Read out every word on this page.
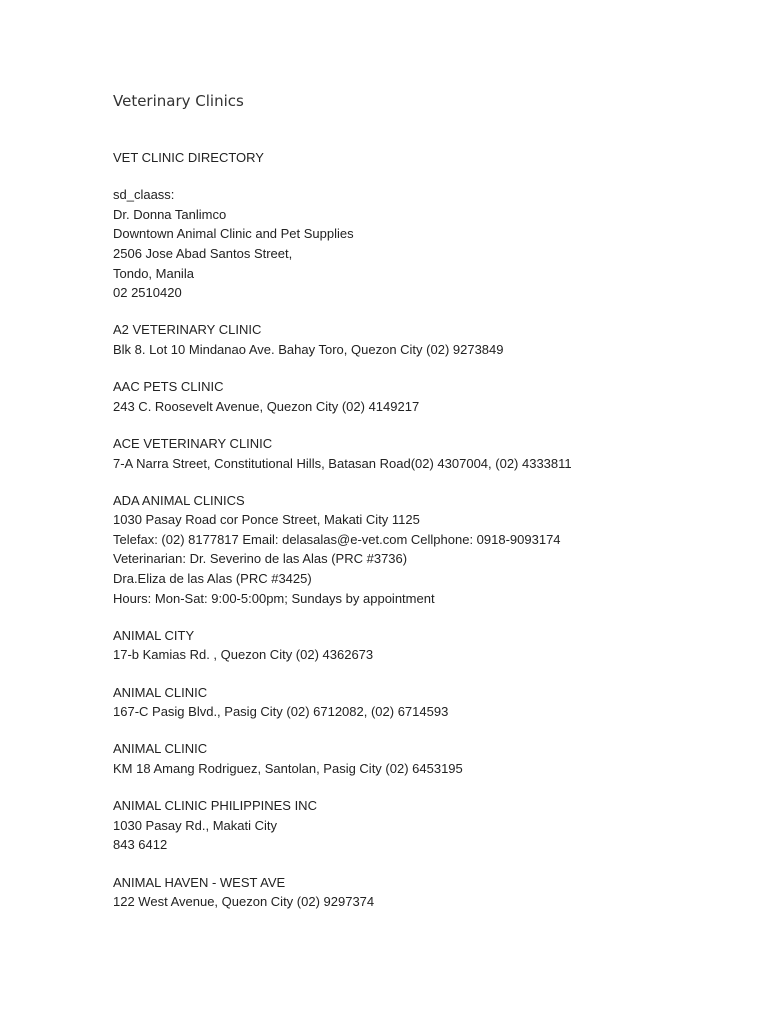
Veterinary Clinics
VET CLINIC DIRECTORY
sd_claass:
Dr. Donna Tanlimco
Downtown Animal Clinic and Pet Supplies
2506 Jose Abad Santos Street,
Tondo, Manila
02 2510420
A2 VETERINARY CLINIC
Blk 8. Lot 10 Mindanao Ave. Bahay Toro, Quezon City (02) 9273849
AAC PETS CLINIC
243 C. Roosevelt Avenue, Quezon City (02) 4149217
ACE VETERINARY CLINIC
7-A Narra Street, Constitutional Hills, Batasan Road(02) 4307004, (02) 4333811
ADA ANIMAL CLINICS
1030 Pasay Road cor Ponce Street, Makati City 1125
Telefax: (02) 8177817 Email: delasalas@e-vet.com Cellphone: 0918-9093174
Veterinarian: Dr. Severino de las Alas (PRC #3736)
Dra.Eliza de las Alas (PRC #3425)
Hours: Mon-Sat: 9:00-5:00pm; Sundays by appointment
ANIMAL CITY
17-b Kamias Rd. , Quezon City (02) 4362673
ANIMAL CLINIC
167-C Pasig Blvd., Pasig City (02) 6712082, (02) 6714593
ANIMAL CLINIC
KM 18 Amang Rodriguez, Santolan, Pasig City (02) 6453195
ANIMAL CLINIC PHILIPPINES INC
1030 Pasay Rd., Makati City
843 6412
ANIMAL HAVEN - WEST AVE
122 West Avenue, Quezon City (02) 9297374
